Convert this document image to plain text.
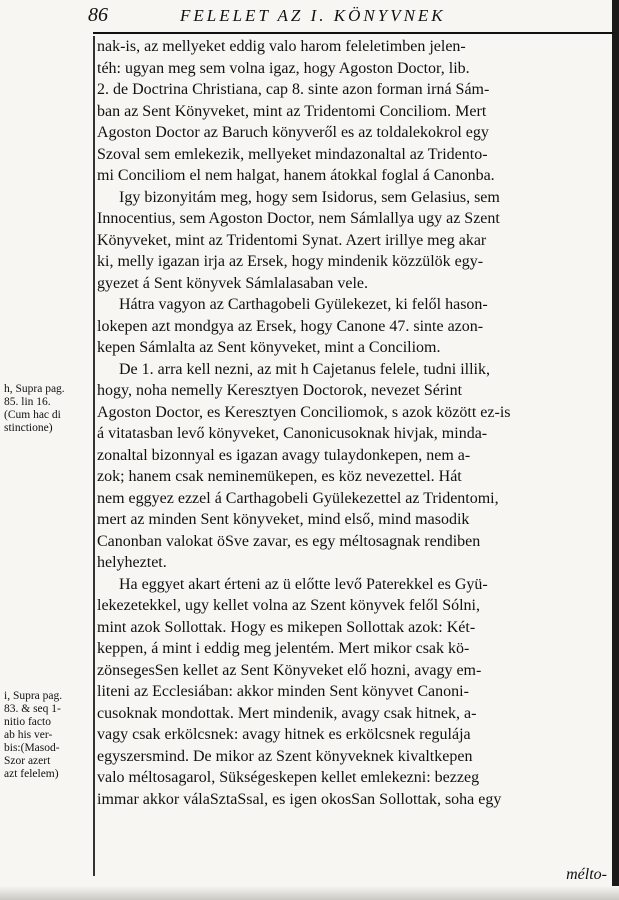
86	FELELET AZ I. KÖNYVNEK
nak-is, az mellyeket eddig valo harom feleletimben jelen-
téh: ugyan meg sem volna igaz, hogy Agoston Doctor, lib.
2. de Doctrina Christiana, cap 8. sinte azon forman irná Sám-
ban az Sent Könyveket, mint az Tridentomi Conciliom. Mert
Agoston Doctor az Baruch könyveről es az toldalekokrol egy
Szoval sem emlekezik, mellyeket mindazonaltal az Tridento-
mi Conciliom el nem halgat, hanem átokkal foglal á Canonba.
Igy bizonyitám meg, hogy sem Isidorus, sem Gelasius, sem
Innocentius, sem Agoston Doctor, nem Sámlallya ugy az Szent
Könyveket, mint az Tridentomi Synat. Azert irillye meg akar
ki, melly igazan irja az Ersek, hogy mindenik közzülök egy-
gyezet á Sent könyvek Sámlalasaban vele.
Hátra vagyon az Carthagobeli Gyülekezet, ki felől hason-
lokepen azt mondgya az Ersek, hogy Canone 47. sinte azon-
kepen Sámlalta az Sent könyveket, mint a Conciliom.
De 1. arra kell nezni, az mit h Cajetanus felele, tudni illik,
hogy, noha nemelly Keresztyen Doctorok, nevezet Sérint
Agoston Doctor, es Keresztyen Conciliomok, s azok között ez-is
á vitatasban levő könyveket, Canonicusoknak hivjak, minda-
zonaltal bizonnyal es igazan avagy tulaydonkepen, nem a-
zok; hanem csak neminemükepen, es köz nevezettel. Hát
nem eggyez ezzel á Carthagobeli Gyülekezettel az Tridentomi,
mert az minden Sent könyveket, mind első, mind masodik
Canonban valokat öSve zavar, es egy méltosagnak rendiben
helyheztet.
Ha eggyet akart érteni az ü előtte levő Paterekkel es Gyü-
lekezetekkel, ugy kellet volna az Szent könyvek felől Sólni,
mint azok Sollottak. Hogy es mikepen Sollottak azok: Két-
keppen, á mint i eddig meg jelentém. Mert mikor csak kö-
zönsegesSen kellet az Sent Könyveket elő hozni, avagy em-
liteni az Ecclesiában: akkor minden Sent könyvet Canoni-
cusoknak mondottak. Mert mindenik, avagy csak hitnek, a-
vagy csak erkölcsnek: avagy hitnek es erkölcsnek regulája
egyszersmind. De mikor az Szent könyveknek kivaltkepen
valo méltosagarol, Sükségeskepen kellet emlekezni: bezzeg
immar akkor válaSztaSsal, es igen okosSan Sollottak, soha egy
h, Supra pag.
85. lin 16.
(Cum hac di
stinctione)
i, Supra pag.
83. & seq 1-
nitio facto
ab his ver-
bis:(Masod-
Szor azert
azt felelem)
mélto-
